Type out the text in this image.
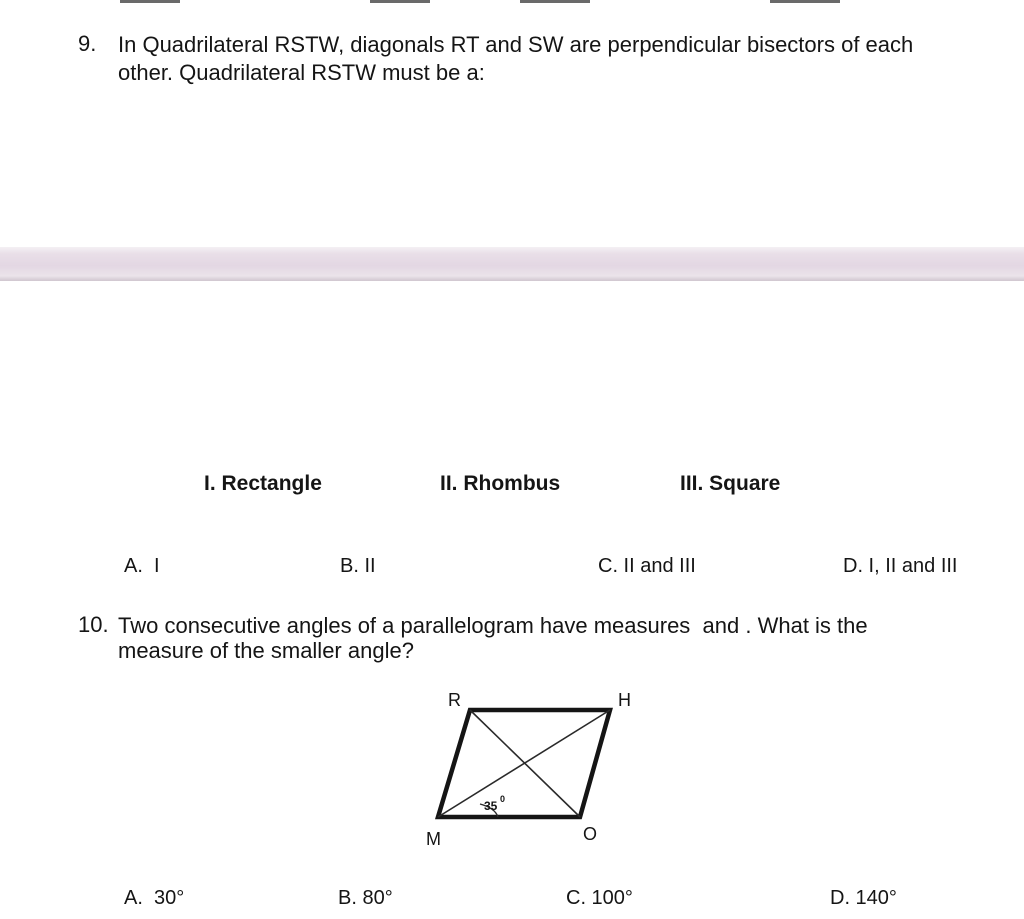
9. In Quadrilateral RSTW, diagonals RT and SW are perpendicular bisectors of each
other. Quadrilateral RSTW must be a:
I. Rectangle	II. Rhombus	III. Square
A.  I	B. II	C. II and III	D. I, II and III
10. Two consecutive angles of a parallelogram have measures  and . What is the
measure of the smaller angle?
R	H
M	O
35 0
A.  30°	B. 80°	C. 100°	D. 140°
